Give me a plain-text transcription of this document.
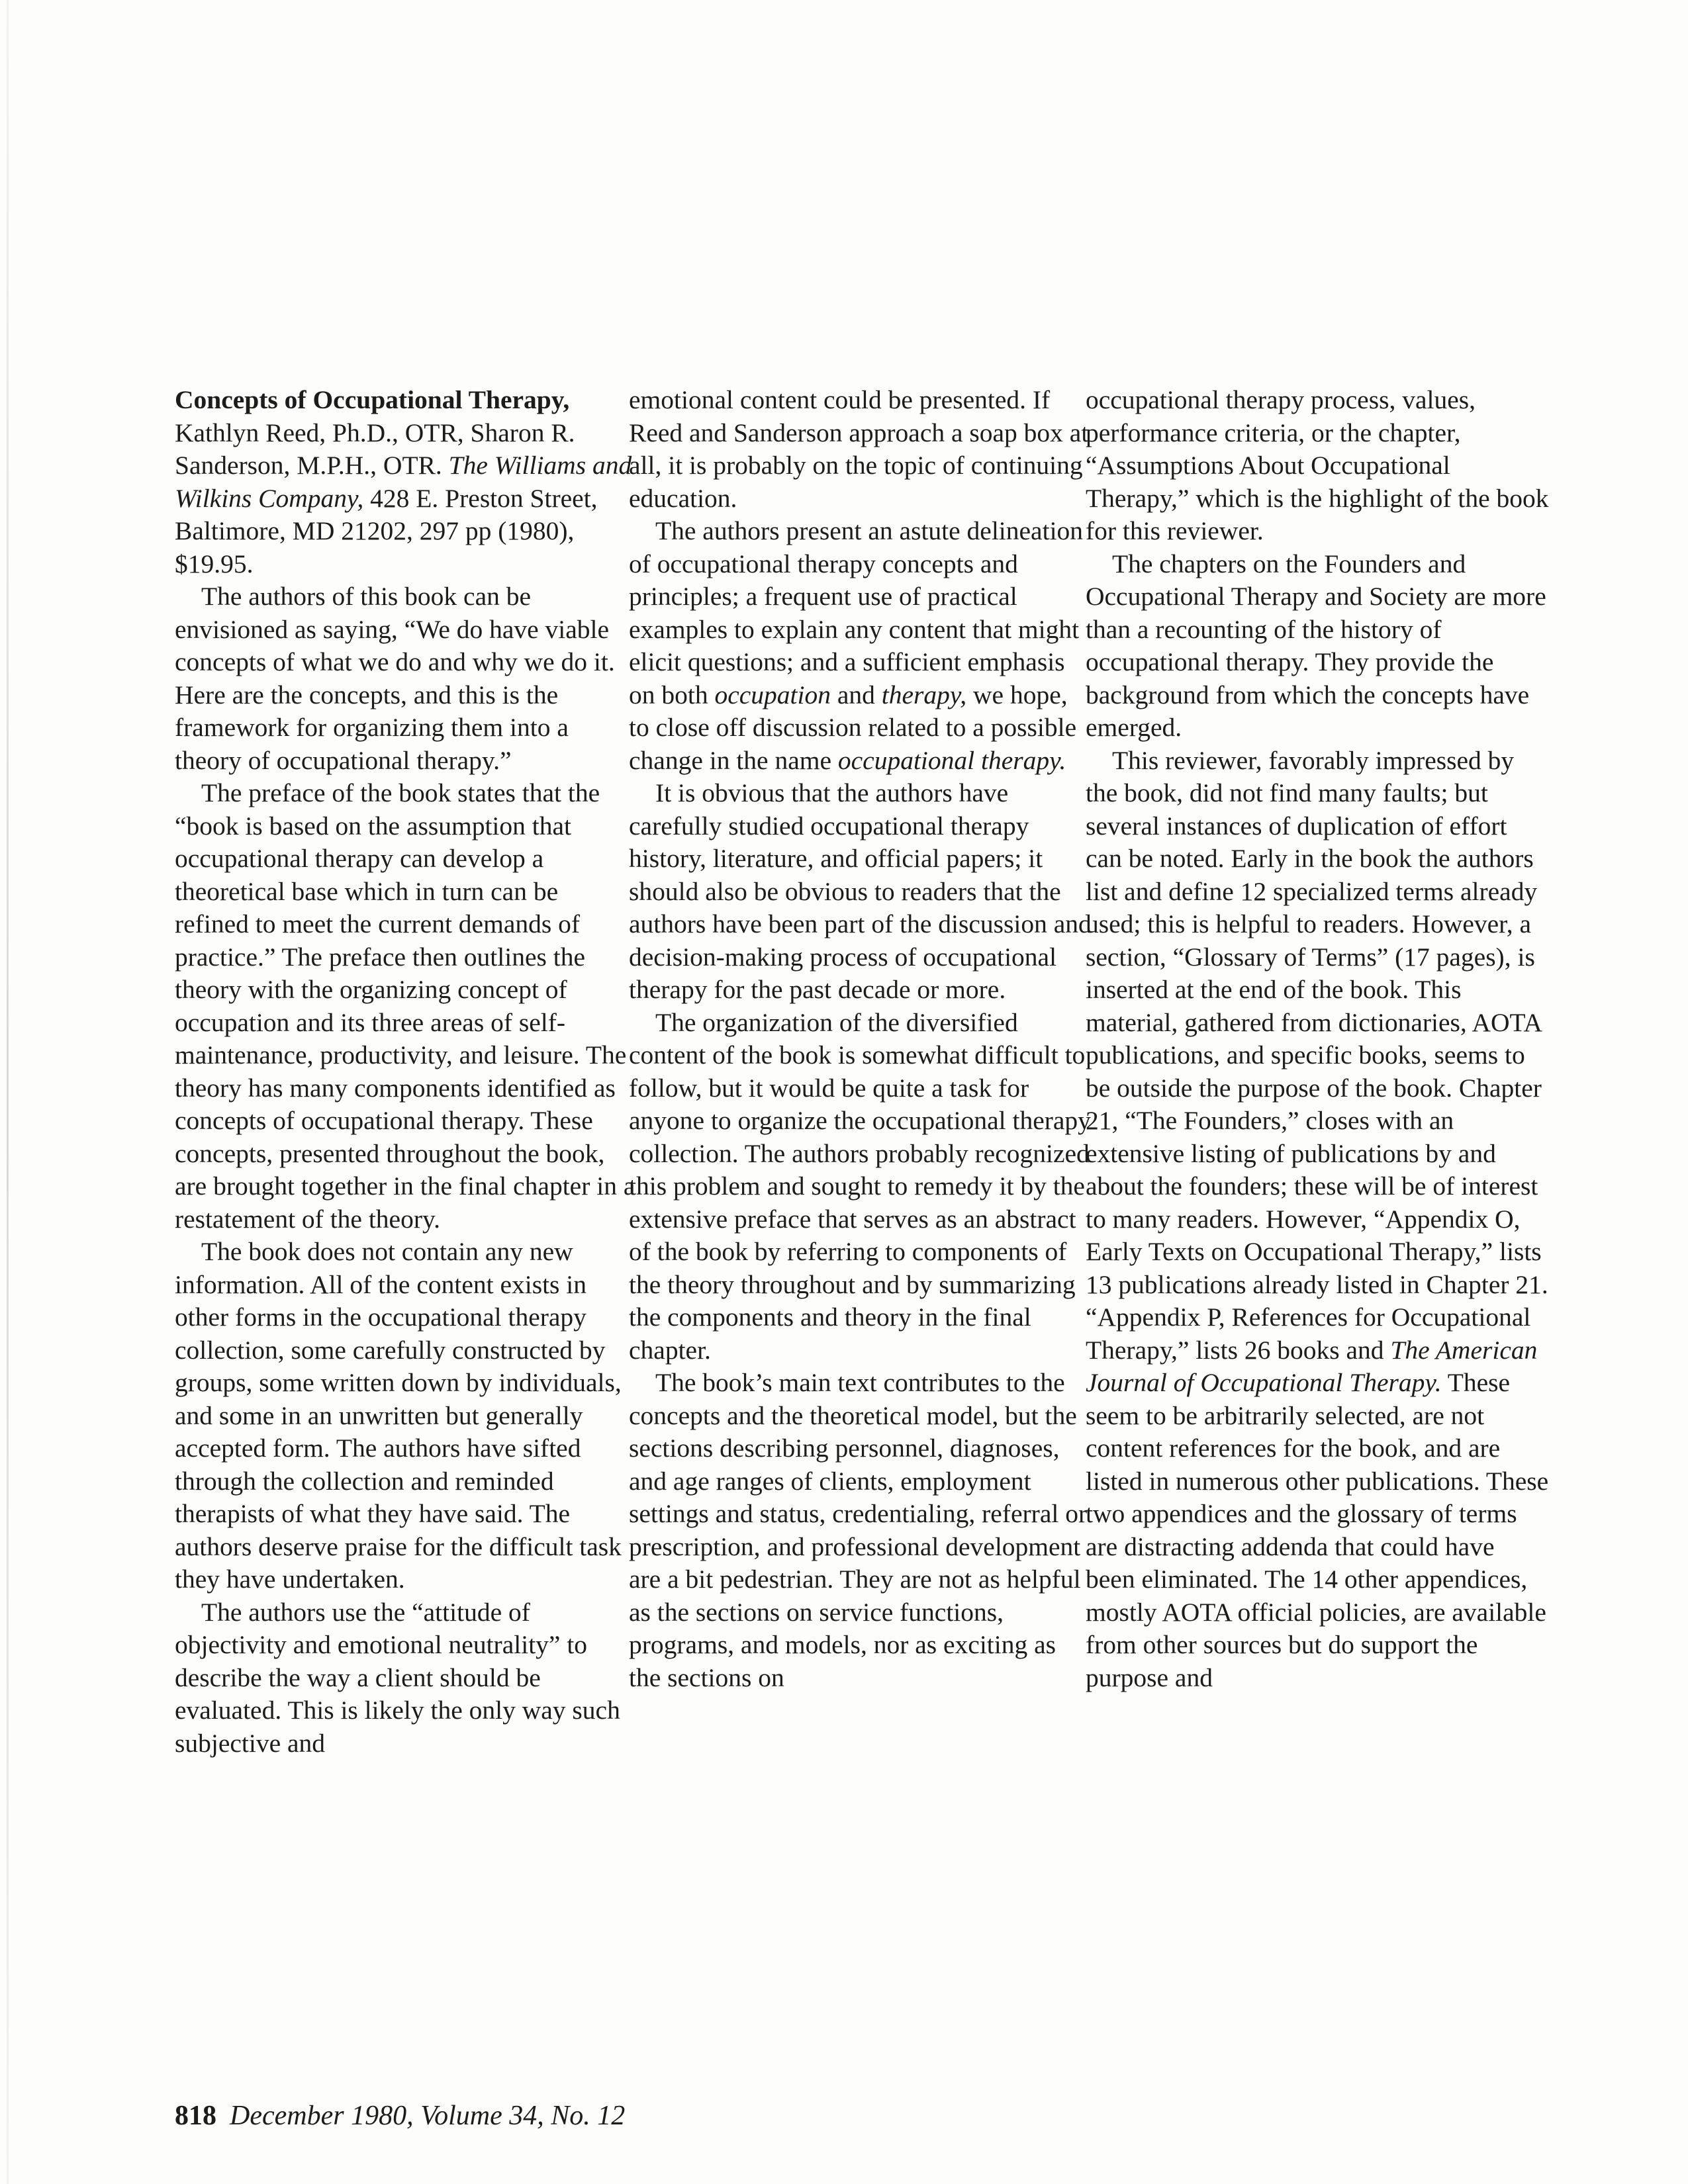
Concepts of Occupational Therapy, Kathlyn Reed, Ph.D., OTR, Sharon R. Sanderson, M.P.H., OTR. The Williams and Wilkins Company, 428 E. Preston Street, Baltimore, MD 21202, 297 pp (1980), $19.95.

The authors of this book can be envisioned as saying, “We do have viable concepts of what we do and why we do it. Here are the concepts, and this is the framework for organizing them into a theory of occupational therapy.”

The preface of the book states that the “book is based on the assumption that occupational therapy can develop a theoretical base which in turn can be refined to meet the current demands of practice.” The preface then outlines the theory with the organizing concept of occupation and its three areas of self-maintenance, productivity, and leisure. The theory has many components identified as concepts of occupational therapy. These concepts, presented throughout the book, are brought together in the final chapter in a restatement of the theory.

The book does not contain any new information. All of the content exists in other forms in the occupational therapy collection, some carefully constructed by groups, some written down by individuals, and some in an unwritten but generally accepted form. The authors have sifted through the collection and reminded therapists of what they have said. The authors deserve praise for the difficult task they have undertaken.

The authors use the “attitude of objectivity and emotional neutrality” to describe the way a client should be evaluated. This is likely the only way such subjective and

emotional content could be presented. If Reed and Sanderson approach a soap box at all, it is probably on the topic of continuing education.

The authors present an astute delineation of occupational therapy concepts and principles; a frequent use of practical examples to explain any content that might elicit questions; and a sufficient emphasis on both occupation and therapy, we hope, to close off discussion related to a possible change in the name occupational therapy.

It is obvious that the authors have carefully studied occupational therapy history, literature, and official papers; it should also be obvious to readers that the authors have been part of the discussion and decision-making process of occupational therapy for the past decade or more.

The organization of the diversified content of the book is somewhat difficult to follow, but it would be quite a task for anyone to organize the occupational therapy collection. The authors probably recognized this problem and sought to remedy it by the extensive preface that serves as an abstract of the book by referring to components of the theory throughout and by summarizing the components and theory in the final chapter.

The book’s main text contributes to the concepts and the theoretical model, but the sections describing personnel, diagnoses, and age ranges of clients, employment settings and status, credentialing, referral or prescription, and professional development are a bit pedestrian. They are not as helpful as the sections on service functions, programs, and models, nor as exciting as the sections on

occupational therapy process, values, performance criteria, or the chapter, “Assumptions About Occupational Therapy,” which is the highlight of the book for this reviewer.

The chapters on the Founders and Occupational Therapy and Society are more than a recounting of the history of occupational therapy. They provide the background from which the concepts have emerged.

This reviewer, favorably impressed by the book, did not find many faults; but several instances of duplication of effort can be noted. Early in the book the authors list and define 12 specialized terms already used; this is helpful to readers. However, a section, “Glossary of Terms” (17 pages), is inserted at the end of the book. This material, gathered from dictionaries, AOTA publications, and specific books, seems to be outside the purpose of the book. Chapter 21, “The Founders,” closes with an extensive listing of publications by and about the founders; these will be of interest to many readers. However, “Appendix O, Early Texts on Occupational Therapy,” lists 13 publications already listed in Chapter 21. “Appendix P, References for Occupational Therapy,” lists 26 books and The American Journal of Occupational Therapy. These seem to be arbitrarily selected, are not content references for the book, and are listed in numerous other publications. These two appendices and the glossary of terms are distracting addenda that could have been eliminated. The 14 other appendices, mostly AOTA official policies, are available from other sources but do support the purpose and

818 December 1980, Volume 34, No. 12
